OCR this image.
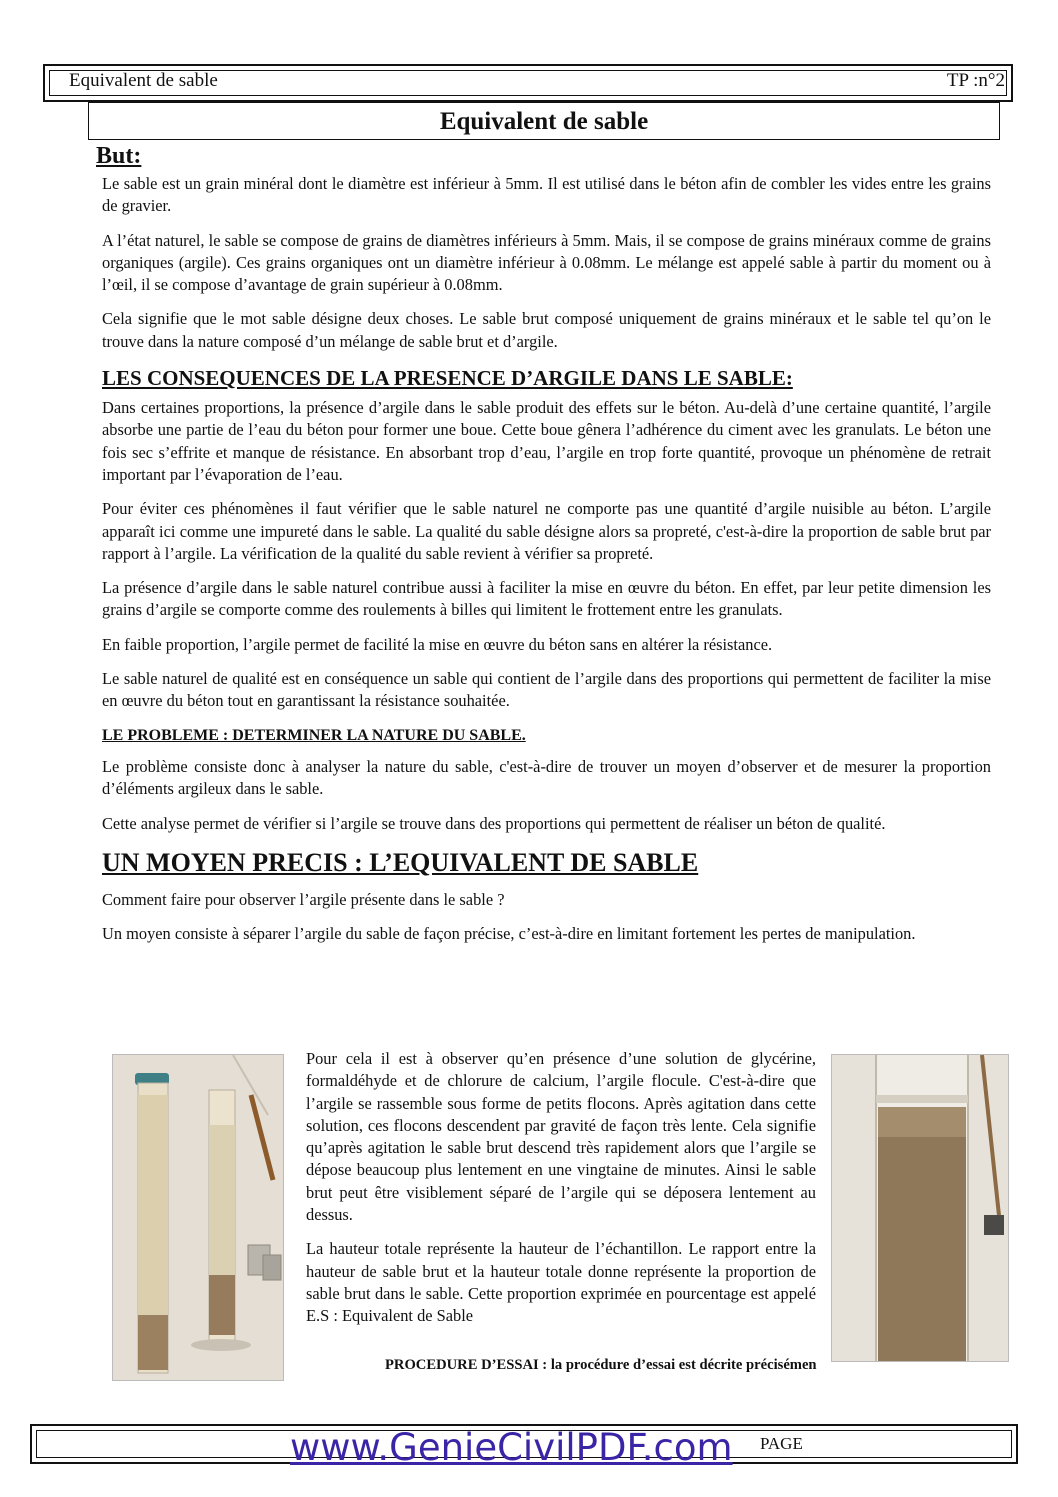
Equivalent de sable	TP :n°2
Equivalent de sable
But:

Le sable est un grain minéral dont le diamètre est inférieur à 5mm. Il est utilisé dans le béton afin de combler les vides entre les grains de gravier.

A l’état naturel, le sable se compose de grains de diamètres inférieurs à 5mm. Mais, il se compose de grains minéraux comme de grains organiques (argile). Ces grains organiques ont un diamètre inférieur à 0.08mm. Le mélange est appelé sable à partir du moment ou à l’œil, il se compose d’avantage de grain supérieur à 0.08mm.

Cela signifie que le mot sable désigne deux choses. Le sable brut composé uniquement de grains minéraux et le sable tel qu’on le trouve dans la nature composé d’un mélange de sable brut et d’argile.

LES CONSEQUENCES DE LA PRESENCE D’ARGILE DANS LE SABLE:

Dans certaines proportions, la présence d’argile dans le sable produit des effets sur le béton. Au-delà d’une certaine quantité, l’argile absorbe une partie de l’eau du béton pour former une boue. Cette boue gênera l’adhérence du ciment avec les granulats. Le béton une fois sec s’effrite et manque de résistance. En absorbant trop d’eau, l’argile en trop forte quantité, provoque un phénomène de retrait important par l’évaporation de l’eau.

Pour éviter ces phénomènes il faut vérifier que le sable naturel ne comporte pas une quantité d’argile nuisible au béton. L’argile apparaît ici comme une impureté dans le sable. La qualité du sable désigne alors sa propreté, c'est-à-dire la proportion de sable brut par rapport à l’argile. La vérification de la qualité du sable revient à vérifier sa propreté.

La présence d’argile dans le sable naturel contribue aussi à faciliter la mise en œuvre du béton. En effet, par leur petite dimension les grains d’argile se comporte comme des roulements à billes qui limitent le frottement entre les granulats.

En faible proportion, l’argile permet de facilité la mise en œuvre du béton sans en altérer la résistance.

Le sable naturel de qualité est en conséquence un sable qui contient de l’argile dans des proportions qui permettent de faciliter la mise en œuvre du béton tout en garantissant la résistance souhaitée.

LE PROBLEME : DETERMINER LA NATURE DU SABLE.

Le problème consiste donc à analyser la nature du sable, c'est-à-dire de trouver un moyen d’observer et de mesurer la proportion d’éléments argileux dans le sable.

Cette analyse permet de vérifier si l’argile se trouve dans des proportions qui permettent de réaliser un béton de qualité.

UN MOYEN PRECIS : L’EQUIVALENT DE SABLE

Comment faire pour observer l’argile présente dans le sable ?

Un moyen consiste à séparer l’argile du sable de façon précise, c’est-à-dire en limitant fortement les pertes de manipulation.

Pour cela il est à observer qu’en présence d’une solution de glycérine, formaldéhyde et de chlorure de calcium, l’argile flocule. C'est-à-dire que l’argile se rassemble sous forme de petits flocons. Après agitation dans cette solution, ces flocons descendent par gravité de façon très lente. Cela signifie qu’après agitation le sable brut descend très rapidement alors que l’argile se dépose beaucoup plus lentement en une vingtaine de minutes. Ainsi le sable brut peut être visiblement séparé de l’argile qui se déposera lentement au dessus.

La hauteur totale représente la hauteur de l’échantillon. Le rapport entre la hauteur de sable brut et la hauteur totale donne représente la proportion de sable brut dans le sable. Cette proportion exprimée en pourcentage est appelé E.S : Equivalent de Sable

PROCEDURE D’ESSAI : la procédure d’essai est décrite précisémen
www.GenieCivilPDF.com PAGE
